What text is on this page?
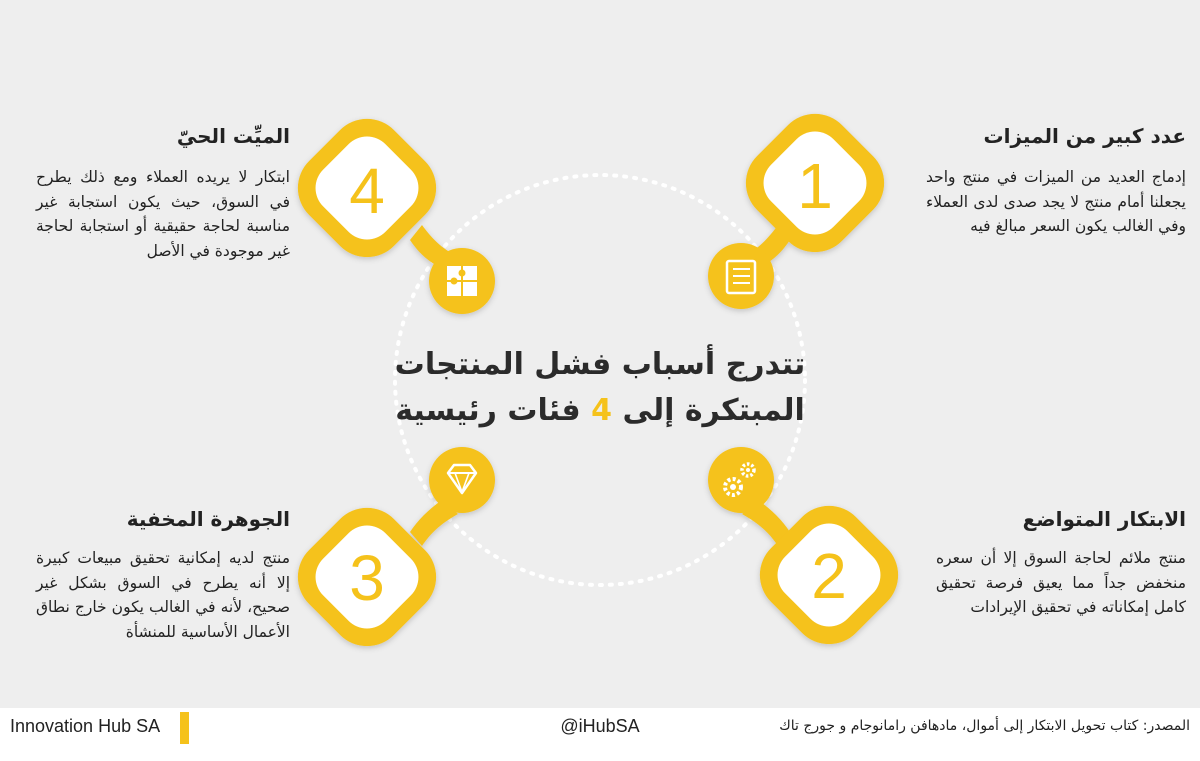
1
4
3	2
تتدرج أسباب فشل المنتجات
المبتكرة إلى 4 فئات رئيسية
عدد كبير من الميزات
إدماج العديد من الميزات في منتج واحد يجعلنا أمام منتج لا يجد صدى لدى العملاء وفي الغالب يكون السعر مبالغ فيه
الميِّت الحيّ
ابتكار لا يريده العملاء ومع ذلك يطرح في السوق، حيث يكون استجابة غير مناسبة لحاجة حقيقية أو استجابة لحاجة غير موجودة في الأصل
الجوهرة المخفية
منتج لديه إمكانية تحقيق مبيعات كبيرة إلا أنه يطرح في السوق بشكل غير صحيح، لأنه في الغالب يكون خارج نطاق الأعمال الأساسية للمنشأة
الابتكار المتواضع
منتج ملائم لحاجة السوق إلا أن سعره منخفض جداً مما يعيق فرصة تحقيق كامل إمكاناته في تحقيق الإيرادات
Innovation Hub SA	@iHubSA	المصدر: كتاب تحويل الابتكار إلى أموال، مادهافن رامانوجام و جورج تاك
